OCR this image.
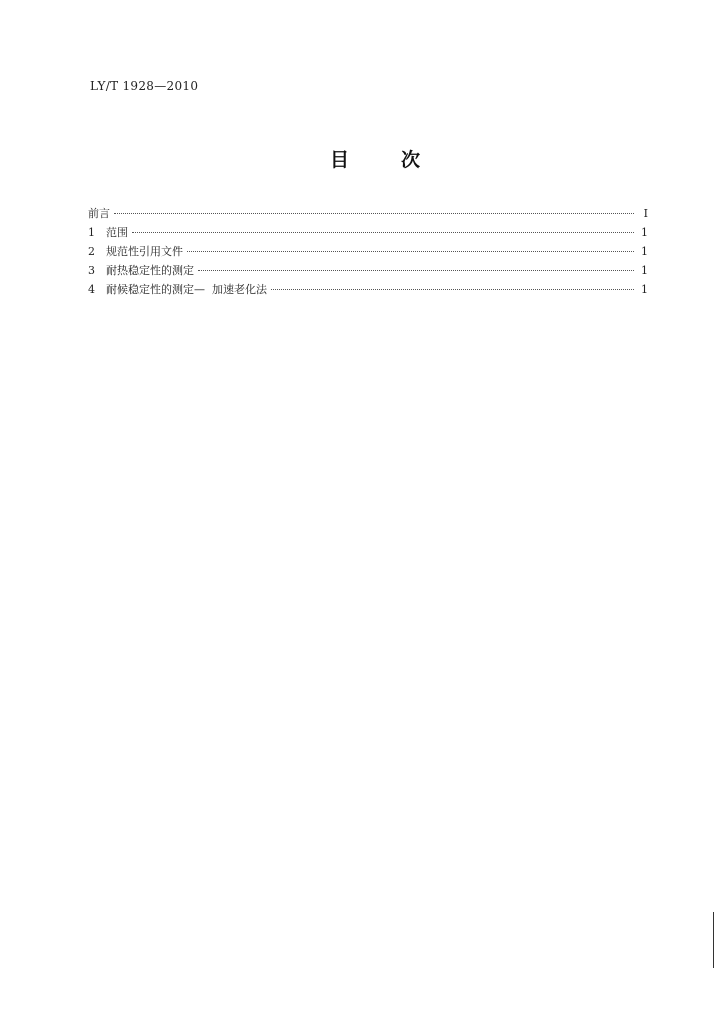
LY/T 1928—2010
目	次
前言	I
1	范围	1
2	规范性引用文件	1
3	耐热稳定性的测定	1
4	耐候稳定性的测定—  加速老化法	1
